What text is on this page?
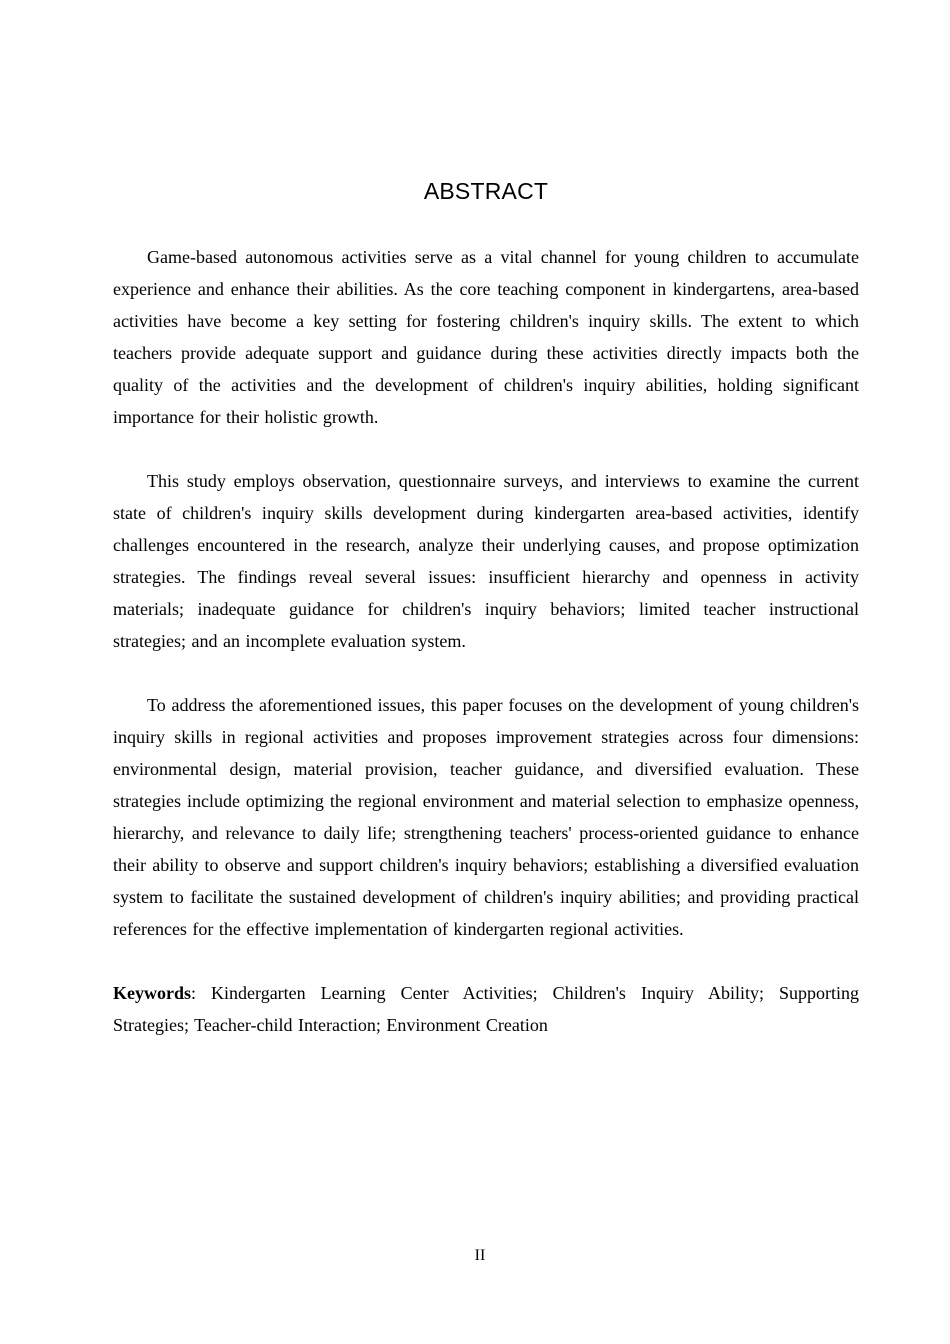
ABSTRACT

Game-based autonomous activities serve as a vital channel for young children to accumulate experience and enhance their abilities. As the core teaching component in kindergartens, area-based activities have become a key setting for fostering children's inquiry skills. The extent to which teachers provide adequate support and guidance during these activities directly impacts both the quality of the activities and the development of children's inquiry abilities, holding significant importance for their holistic growth.

This study employs observation, questionnaire surveys, and interviews to examine the current state of children's inquiry skills development during kindergarten area-based activities, identify challenges encountered in the research, analyze their underlying causes, and propose optimization strategies. The findings reveal several issues: insufficient hierarchy and openness in activity materials; inadequate guidance for children's inquiry behaviors; limited teacher instructional strategies; and an incomplete evaluation system.

To address the aforementioned issues, this paper focuses on the development of young children's inquiry skills in regional activities and proposes improvement strategies across four dimensions: environmental design, material provision, teacher guidance, and diversified evaluation. These strategies include optimizing the regional environment and material selection to emphasize openness, hierarchy, and relevance to daily life; strengthening teachers' process-oriented guidance to enhance their ability to observe and support children's inquiry behaviors; establishing a diversified evaluation system to facilitate the sustained development of children's inquiry abilities; and providing practical references for the effective implementation of kindergarten regional activities.

Keywords: Kindergarten Learning Center Activities; Children's Inquiry Ability; Supporting Strategies; Teacher-child Interaction; Environment Creation

II
